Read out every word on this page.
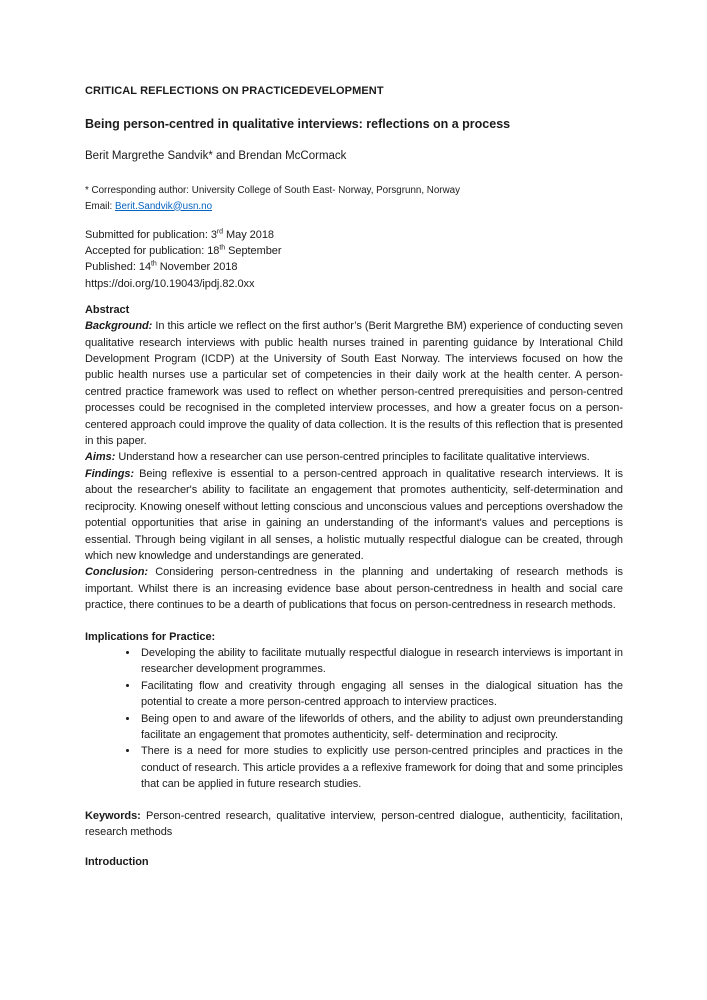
CRITICAL REFLECTIONS ON PRACTICEDEVELOPMENT

Being person-centred in qualitative interviews: reflections on a process

Berit Margrethe Sandvik* and Brendan McCormack

* Corresponding author: University College of South East- Norway, Porsgrunn, Norway

Email: Berit.Sandvik@usn.no

Submitted for publication: 3rd May 2018

Accepted for publication: 18th September

Published: 14th November 2018

https://doi.org/10.19043/ipdj.82.0xx

Abstract

Background: In this article we reflect on the first author’s (Berit Margrethe BM) experience of conducting seven qualitative research interviews with public health nurses trained in parenting guidance by Interational Child Development Program (ICDP) at the University of South East Norway. The interviews focused on how the public health nurses use a particular set of competencies in their daily work at the health center. A person-centred practice framework was used to reflect on whether person-centred prerequisities and person-centred processes could be recognised in the completed interview processes, and how a greater focus on a person-centered approach could improve the quality of data collection. It is the results of this reflection that is presented in this paper.

Aims: Understand how a researcher can use person-centred principles to facilitate qualitative interviews.

Findings: Being reflexive is essential to a person-centred approach in qualitative research interviews. It is about the researcher's ability to facilitate an engagement that promotes authenticity, self-determination and reciprocity. Knowing oneself without letting conscious and unconscious values and perceptions overshadow the potential opportunities that arise in gaining an understanding of the informant's values and perceptions is essential. Through being vigilant in all senses, a holistic mutually respectful dialogue can be created, through which new knowledge and understandings are generated.

Conclusion: Considering person-centredness in the planning and undertaking of research methods is important. Whilst there is an increasing evidence base about person-centredness in health and social care practice, there continues to be a dearth of publications that focus on person-centredness in research methods.

Implications for Practice:

• Developing the ability to facilitate mutually respectful dialogue in research interviews is important in researcher development programmes.
• Facilitating flow and creativity through engaging all senses in the dialogical situation has the potential to create a more person-centred approach to interview practices.
• Being open to and aware of the lifeworlds of others, and the ability to adjust own preunderstanding facilitate an engagement that promotes authenticity, self- determination and reciprocity.
• There is a need for more studies to explicitly use person-centred principles and practices in the conduct of research. This article provides a a reflexive framework for doing that and some principles that can be applied in future research studies.

Keywords: Person-centred research, qualitative interview, person-centred dialogue, authenticity, facilitation, research methods

Introduction
